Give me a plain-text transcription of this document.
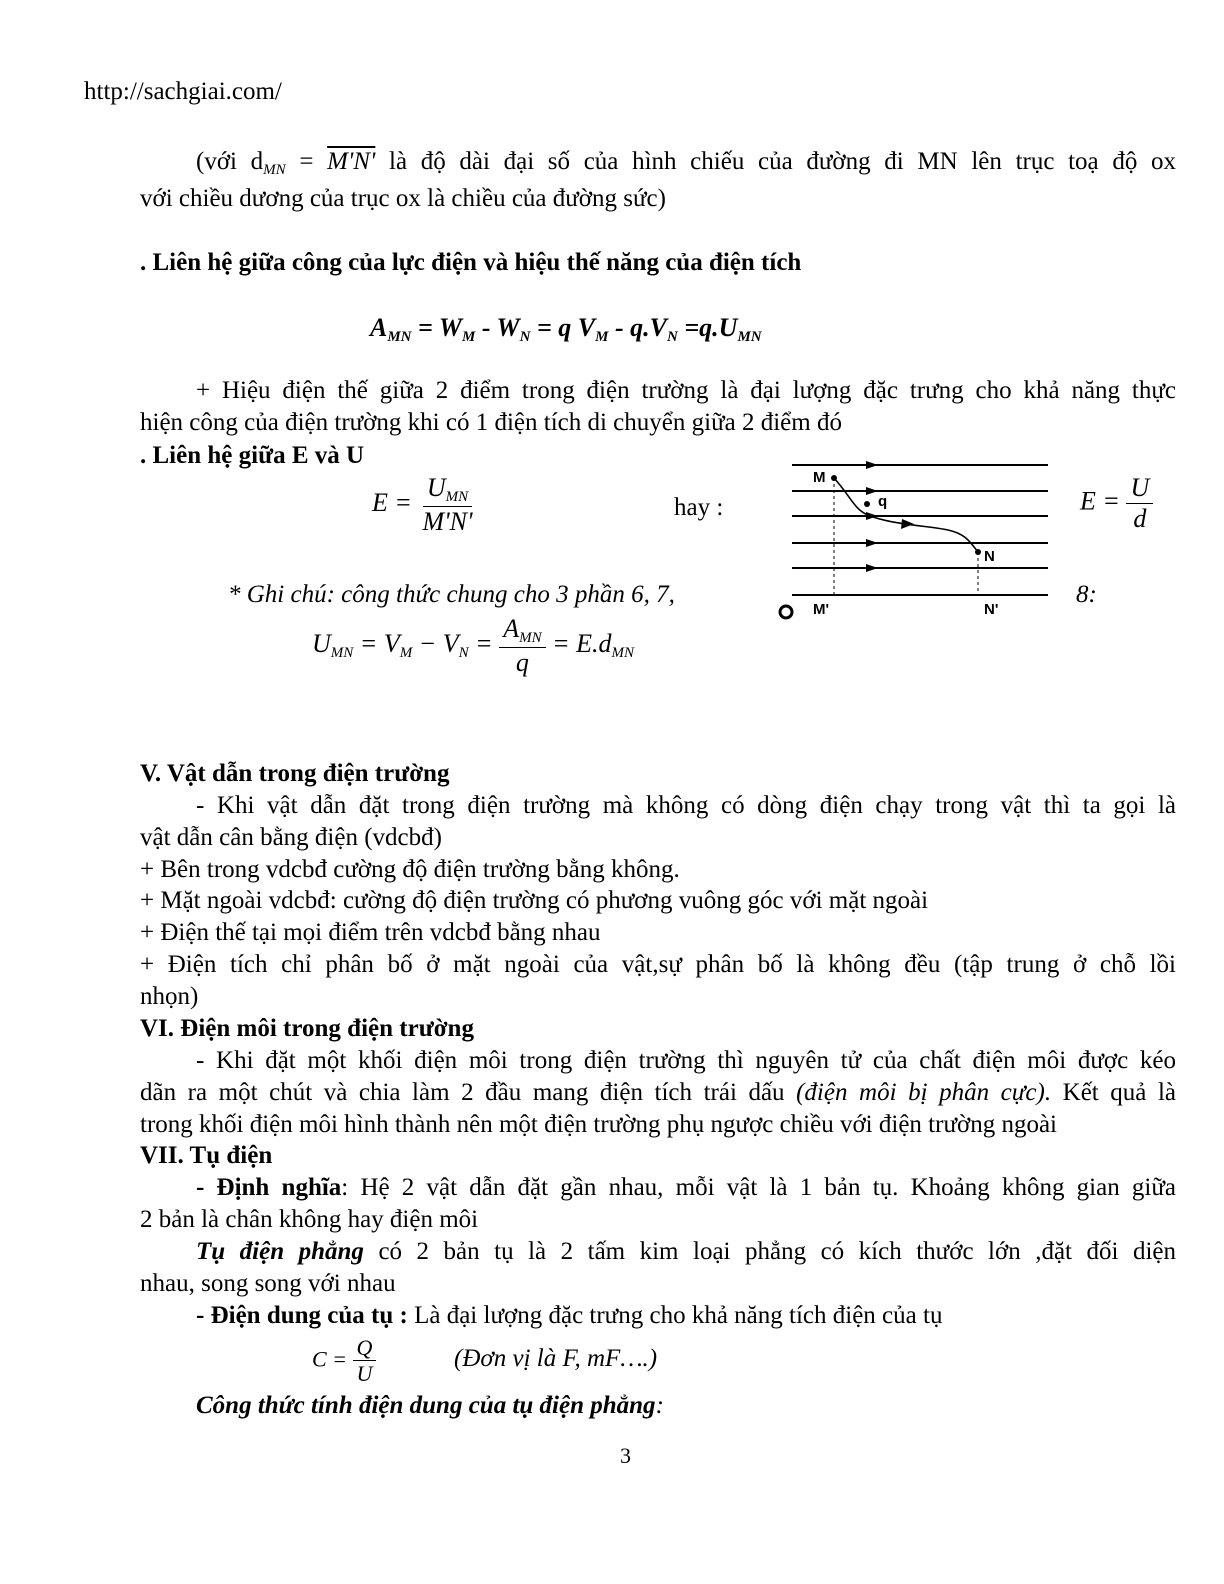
http://sachgiai.com/
(với $d_{MN} = M'N'$ là độ dài đại số của hình chiếu của đường đi MN lên trục toạ độ ox
với chiều dương của trục ox là chiều của đường sức)
. Liên hệ giữa công của lực điện và hiệu thế năng của điện tích
$A_{MN} = W_M - W_N = q$ $V_M - q.V_N =q.U_{MN}$
+ Hiệu điện thế giữa 2 điểm trong điện trường là đại lượng đặc trưng cho khả năng thực
hiện công của điện trường khi có 1 điện tích di chuyển giữa 2 điểm đó
. Liên hệ giữa E và U
$E = \frac{U_{MN}}{M'N'}$	hay :	$E = \frac{U}{d}$
M
q
N
M'	N'
* Ghi chú: công thức chung cho 3 phần 6, 7,	8:
$U_{MN} = V_M - V_N = \frac{A_{MN}}{q} = E.d_{MN}$
V. Vật dẫn trong điện trường
- Khi vật dẫn đặt trong điện trường mà không có dòng điện chạy trong vật thì ta gọi là
vật dẫn cân bằng điện (vdcbđ)
+ Bên trong vdcbđ cường độ điện trường bằng không.
+ Mặt ngoài vdcbđ: cường độ điện trường có phương vuông góc với mặt ngoài
+ Điện thế tại mọi điểm trên vdcbđ bằng nhau
+ Điện tích chỉ phân bố ở mặt ngoài của vật,sự phân bố là không đều (tập trung ở chỗ lồi
nhọn)
VI. Điện môi trong điện trường
- Khi đặt một khối điện môi trong điện trường thì nguyên tử của chất điện môi được kéo
dãn ra một chút và chia làm 2 đầu mang điện tích trái dấu (điện môi bị phân cực). Kết quả là
trong khối điện môi hình thành nên một điện trường phụ ngược chiều với điện trường ngoài
VII. Tụ điện
- Định nghĩa: Hệ 2 vật dẫn đặt gần nhau, mỗi vật là 1 bản tụ. Khoảng không gian giữa
2 bản là chân không hay điện môi
Tụ điện phẳng có 2 bản tụ là 2 tấm kim loại phẳng có kích thước lớn ,đặt đối diện
nhau, song song với nhau
- Điện dung của tụ : Là đại lượng đặc trưng cho khả năng tích điện của tụ
$C = \frac{Q}{U}$	(Đơn vị là F, mF….)
Công thức tính điện dung của tụ điện phẳng:
3
